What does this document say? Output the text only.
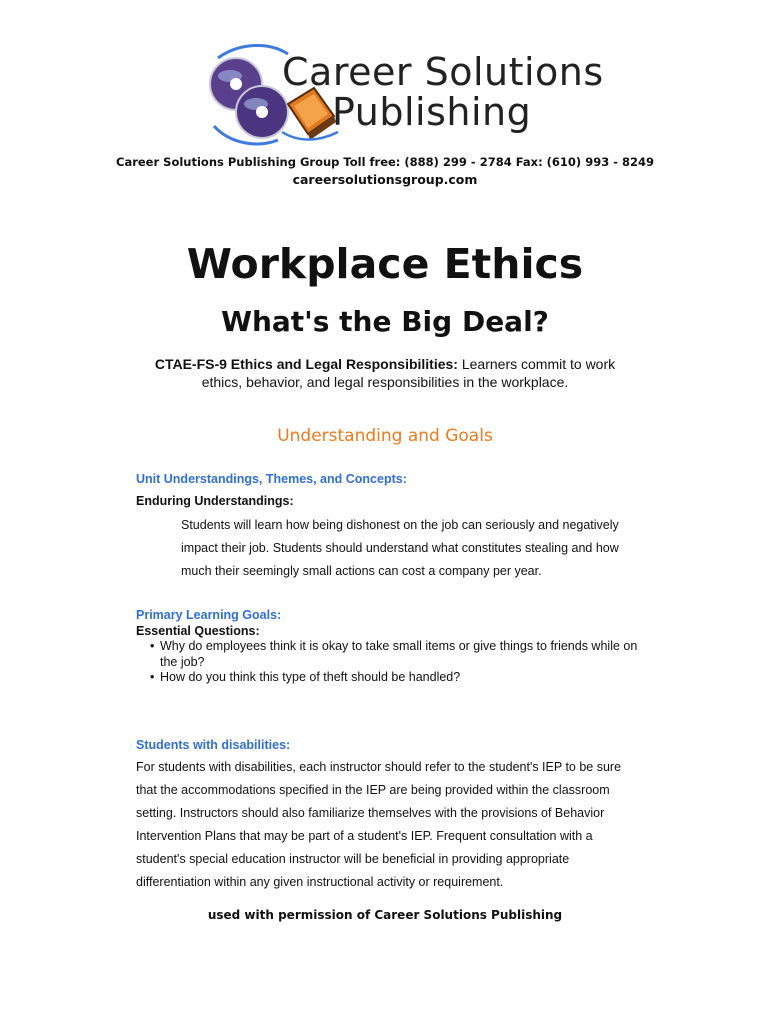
Career Solutions
Publishing
Career Solutions Publishing Group Toll free: (888) 299 - 2784 Fax: (610) 993 - 8249
careersolutionsgroup.com
Workplace Ethics
What's the Big Deal?
CTAE-FS-9 Ethics and Legal Responsibilities: Learners commit to work ethics, behavior, and legal responsibilities in the workplace.
Understanding and Goals
Unit Understandings, Themes, and Concepts:
Enduring Understandings:
Students will learn how being dishonest on the job can seriously and negatively
impact their job. Students should understand what constitutes stealing and how
much their seemingly small actions can cost a company per year.
Primary Learning Goals:
Essential Questions:
• Why do employees think it is okay to take small items or give things to friends while on the job?
• How do you think this type of theft should be handled?
Students with disabilities:
For students with disabilities, each instructor should refer to the student's IEP to be sure
that the accommodations specified in the IEP are being provided within the classroom
setting. Instructors should also familiarize themselves with the provisions of Behavior
Intervention Plans that may be part of a student's IEP. Frequent consultation with a
student's special education instructor will be beneficial in providing appropriate
differentiation within any given instructional activity or requirement.
used with permission of Career Solutions Publishing
